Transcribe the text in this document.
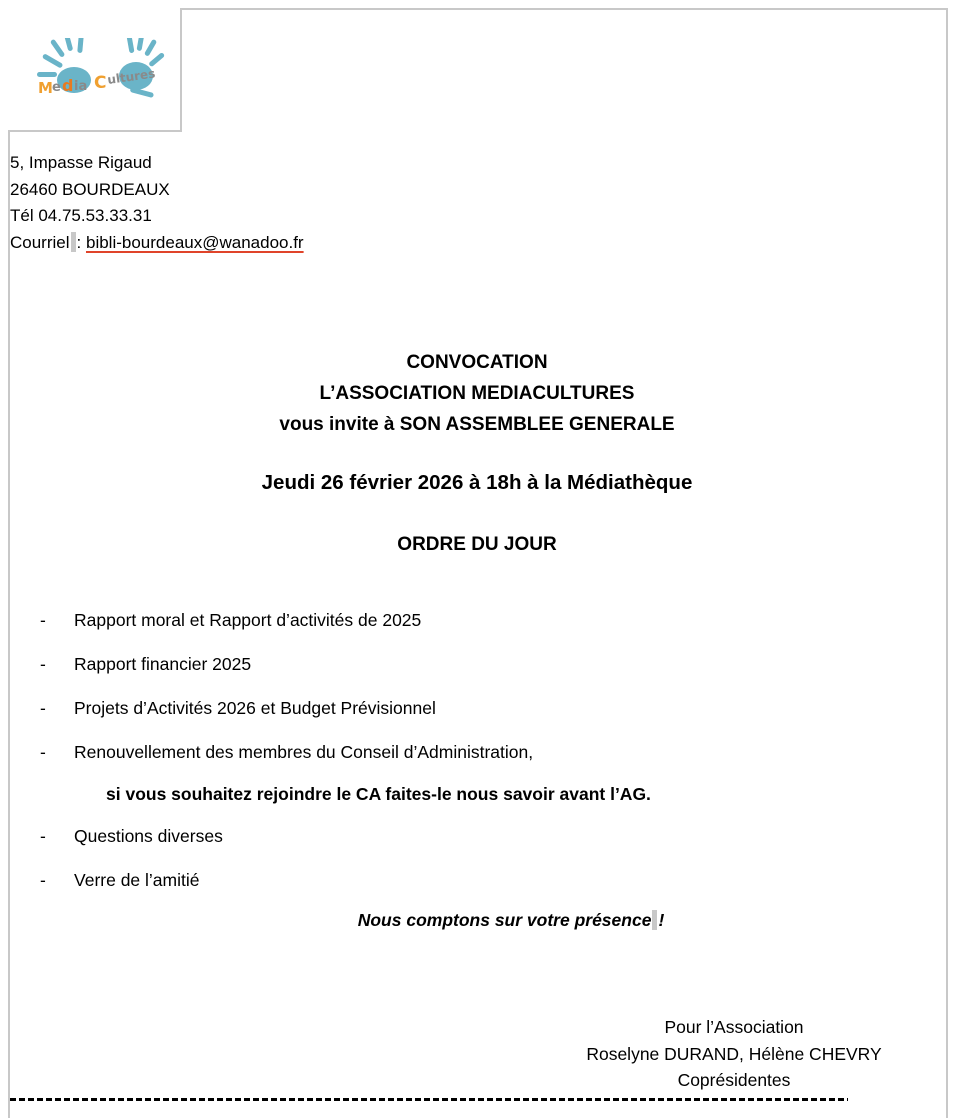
M e d ia C ultures
5, Impasse Rigaud
26460 BOURDEAUX
Tél 04.75.53.33.31
Courriel : bibli-bourdeaux@wanadoo.fr
CONVOCATION
L’ASSOCIATION MEDIACULTURES
vous invite à SON ASSEMBLEE GENERALE
Jeudi 26 février 2026 à 18h à la Médiathèque
ORDRE DU JOUR
- Rapport moral et Rapport d’activités de 2025
- Rapport financier 2025
- Projets d’Activités 2026 et Budget Prévisionnel
- Renouvellement des membres du Conseil d’Administration,
si vous souhaitez rejoindre le CA faites-le nous savoir avant l’AG.
- Questions diverses
- Verre de l’amitié
Nous comptons sur votre présence !
Pour l’Association
Roselyne DURAND, Hélène CHEVRY
Coprésidentes
